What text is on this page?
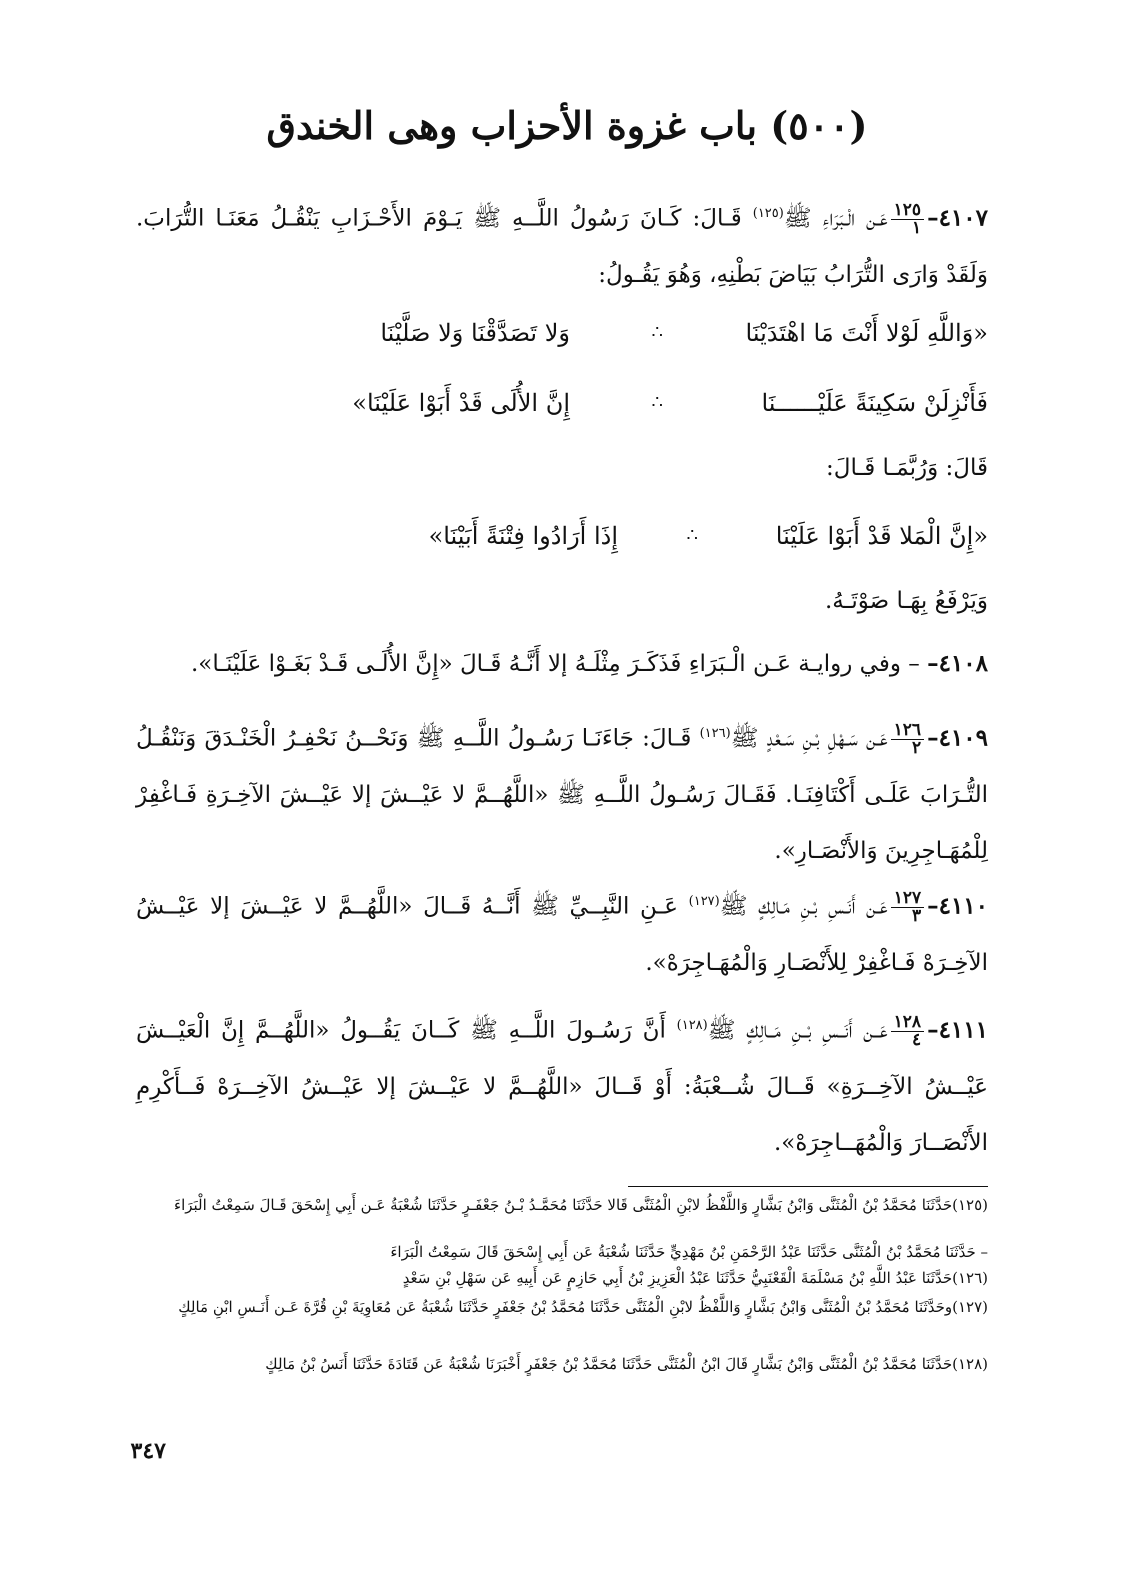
(٥٠٠) باب غزوة الأحزاب وهى الخندق
٤١٠٧–
$\frac{١٢٥}{١}$
عَـن الْـبَرَاءِ ﷺ$^{(١٢٥)}$ قَـالَ: كَـانَ رَسُولُ اللَّــهِ ﷺ يَـوْمَ الأَحْـزَابِ يَنْقُـلُ مَعَنَـا التُّرَابَ. وَلَقَدْ وَارَى التُّرَابُ بَيَاضَ بَطْنِهِ، وَهُوَ يَقُـولُ:
«وَاللَّهِ لَوْلا أَنْتَ مَا اهْتَدَيْنَا
∴
وَلا تَصَدَّقْنَا وَلا صَلَّيْنَا
فَأَنْزِلَنْ سَكِينَةً عَلَيْــــــنَا
∴
إِنَّ الأُلَى قَدْ أَبَوْا عَلَيْنَا»
قَالَ: وَرُبَّمَـا قَـالَ:
«إِنَّ الْمَلا قَدْ أَبَوْا عَلَيْنَا
∴
إِذَا أَرَادُوا فِتْنَةً أَبَيْنَا»
وَيَرْفَعُ بِهَـا صَوْتَـهُ.
٤١٠٨– – وفي روايـة عَـن الْـبَرَاءِ فَذَكَـرَ مِثْلَـهُ إلا أَنَّـهُ قَـالَ «إِنَّ الأُلَـى قَـدْ بَغَـوْا عَلَيْنَـا».
٤١٠٩–
$\frac{١٢٦}{٢}$
عَـن سَـهْلِ بْـنِ سَـعْدٍ ﷺ$^{(١٢٦)}$ قَـالَ: جَاءَنَـا رَسُـولُ اللَّــهِ ﷺ وَنَحْــنُ نَحْفِـرُ الْخَنْـدَقَ وَنَنْقُـلُ التُّـرَابَ عَلَـى أَكْتَافِنَـا. فَقَـالَ رَسُـولُ اللَّــهِ ﷺ «اللَّهُــمَّ لا عَيْــشَ إلا عَيْــشَ الآخِـرَةِ فَـاغْفِرْ لِلْمُهَـاجِرِينَ وَالأَنْصَـارِ».
٤١١٠–
$\frac{١٢٧}{٣}$
عَـن أَنَـسِ بْـنِ مَـالِكٍ ﷺ$^{(١٢٧)}$ عَـنِ النَّبِــيِّ ﷺ أَنَّــهُ قَــالَ «اللَّهُــمَّ لا عَيْــشَ إلا عَيْــشُ الآخِـرَهْ فَـاغْفِرْ لِلأَنْصَـارِ وَالْمُهَـاجِرَهْ».
٤١١١–
$\frac{١٢٨}{٤}$
عَــن أَنَــسِ بْــنِ مَــالِكٍ ﷺ$^{(١٢٨)}$ أَنَّ رَسُـولَ اللَّــهِ ﷺ كَــانَ يَقُــولُ «اللَّهُــمَّ إِنَّ الْعَيْــشَ عَيْــشُ الآخِــرَةِ» قَــالَ شُــعْبَةُ: أَوْ قَــالَ «اللَّهُــمَّ لا عَيْــشَ إلا عَيْــشُ الآخِــرَهْ فَــأَكْرِمِ الأَنْصَــارَ وَالْمُهَــاجِرَهْ».
(١٢٥)حَدَّثَنَا مُحَمَّدُ بْنُ الْمُثَنَّى وَابْنُ بَشَّارٍ وَاللَّفْظُ لابْنِ الْمُثَنَّى قَالا حَدَّثَنَا مُحَمَّـدُ بْـنُ جَعْفَـرٍ حَدَّثَنَا شُعْبَةُ عَـن أَبِي إِسْحَقَ قَـالَ سَمِعْتُ الْبَرَاءَ
– حَدَّثَنَا مُحَمَّدُ بْنُ الْمُثَنَّى حَدَّثَنَا عَبْدُ الرَّحْمَنِ بْنُ مَهْدِيٍّ حَدَّثَنَا شُعْبَةُ عَن أَبِي إِسْحَقَ قَالَ سَمِعْتُ الْبَرَاءَ
(١٢٦)حَدَّثَنَا عَبْدُ اللَّهِ بْنُ مَسْلَمَةَ الْقَعْنَبِيُّ حَدَّثَنَا عَبْدُ الْعَزِيزِ بْنُ أَبِي حَازِمٍ عَن أَبِيهِ عَن سَهْلِ بْنِ سَعْدٍ
(١٢٧)وحَدَّثَنَا مُحَمَّدُ بْنُ الْمُثَنَّى وَابْنُ بَشَّارٍ وَاللَّفْظُ لابْنِ الْمُثَنَّى حَدَّثَنَا مُحَمَّدُ بْنُ جَعْفَرٍ حَدَّثَنَا شُعْبَةُ عَن مُعَاوِيَةَ بْنِ قُرَّةَ عَـن أَنَـسِ ابْنِ مَالِكٍ
(١٢٨)حَدَّثَنَا مُحَمَّدُ بْنُ الْمُثَنَّى وَابْنُ بَشَّارٍ قَالَ ابْنُ الْمُثَنَّى حَدَّثَنَا مُحَمَّدُ بْنُ جَعْفَرٍ أَخْبَرَنَا شُعْبَةُ عَن قَتَادَةَ حَدَّثَنَا أَنَسُ بْنُ مَالِكٍ
٣٤٧
